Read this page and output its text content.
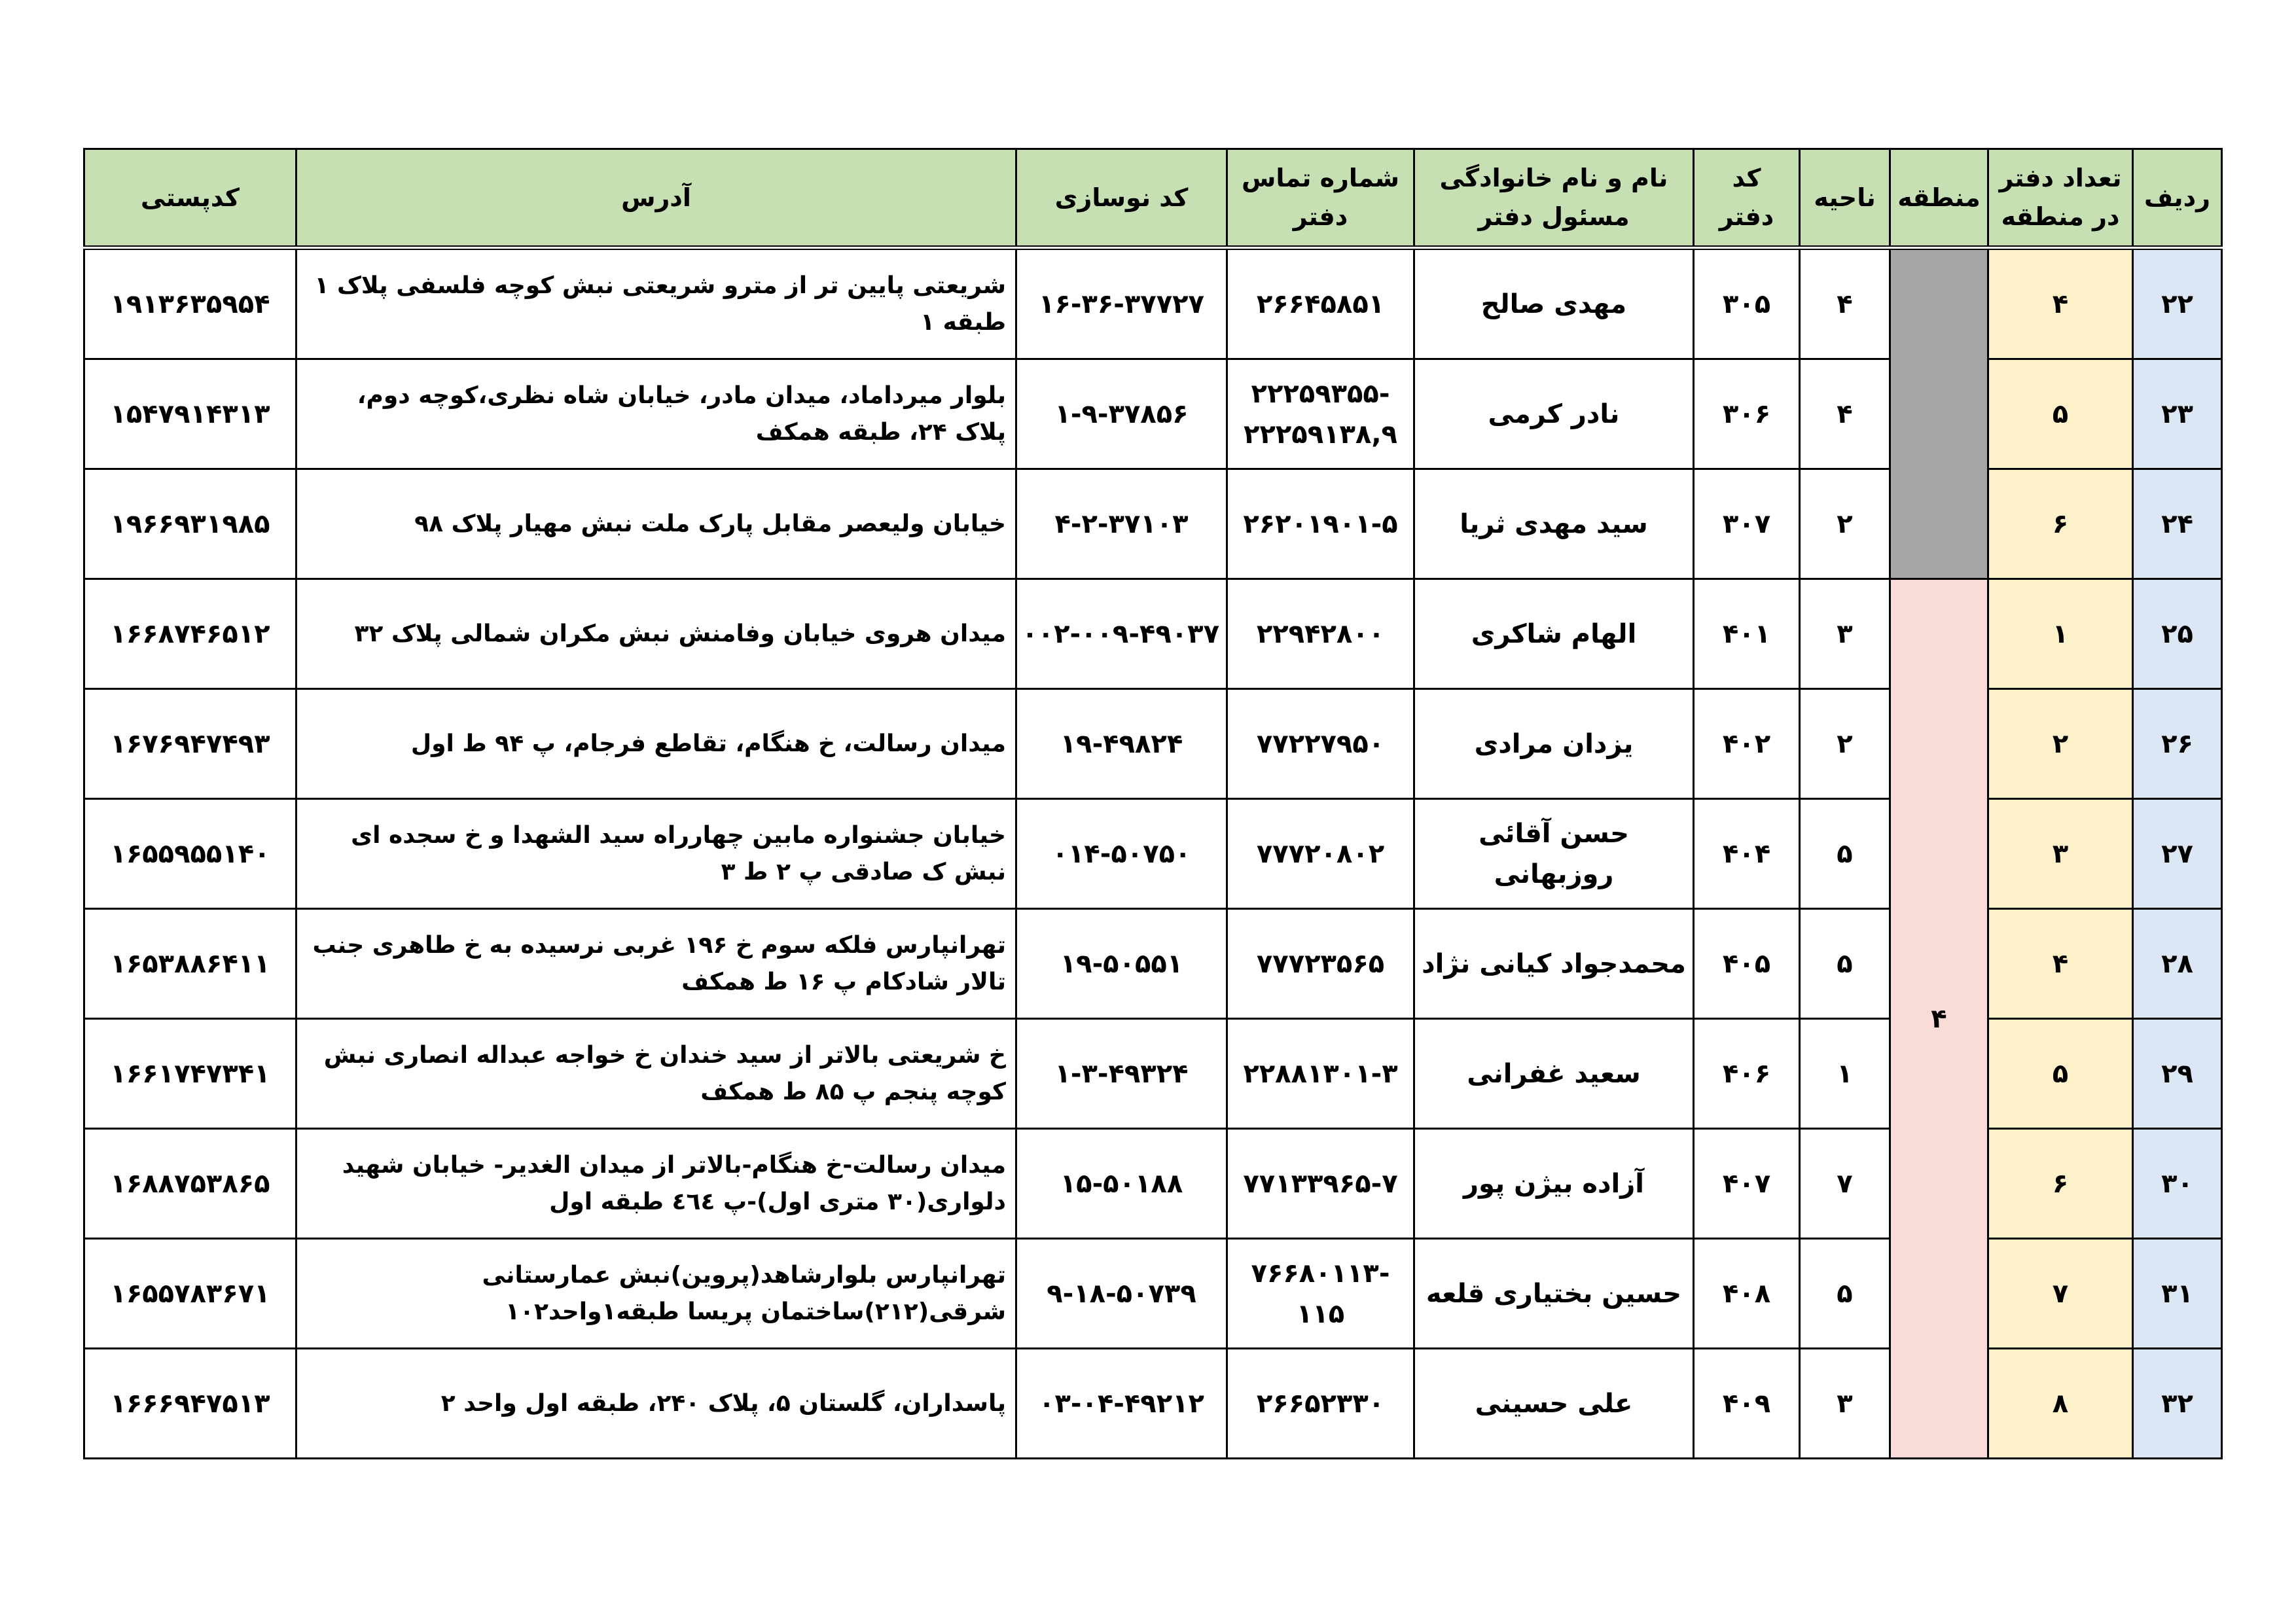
ردیف	تعداد دفتر در منطقه	منطقه	ناحیه	کد دفتر	نام و نام خانوادگی مسئول دفتر	شماره تماس دفتر	کد نوسازی	آدرس	کدپستی
۲۲	۴		۴	۳۰۵	مهدی صالح	۲۶۶۴۵۸۵۱	۱۶-۳۶-۳۷۷۲۷	شریعتی پایین تر از مترو شریعتی نبش کوچه فلسفی پلاک ۱ طبقه ۱	۱۹۱۳۶۳۵۹۵۴
۲۳	۵		۴	۳۰۶	نادر کرمی	-۲۲۲۵۹۳۵۵ ۲۲۲۵۹۱۳۸,۹	۱-۹-۳۷۸۵۶	بلوار میرداماد، میدان مادر، خیابان شاه نظری،کوچه دوم، پلاک ۲۴، طبقه همکف	۱۵۴۷۹۱۴۳۱۳
۲۴	۶		۲	۳۰۷	سید مهدی ثریا	۲۶۲۰۱۹۰۱-۵	۴-۲-۳۷۱۰۳	خیابان ولیعصر مقابل پارک ملت نبش مهیار پلاک ۹۸	۱۹۶۶۹۳۱۹۸۵
۲۵	۱	۴	۳	۴۰۱	الهام شاکری	۲۲۹۴۲۸۰۰	۰۰۲-۰۰۹-۴۹۰۳۷	میدان هروی خیابان وفامنش نبش مکران شمالی پلاک ۳۲	۱۶۶۸۷۴۶۵۱۲
۲۶	۲		۲	۴۰۲	یزدان مرادی	۷۷۲۲۷۹۵۰	۱۹-۴۹۸۲۴	میدان رسالت، خ هنگام، تقاطع فرجام، پ ۹۴ ط اول	۱۶۷۶۹۴۷۴۹۳
۲۷	۳		۵	۴۰۴	حسن آقائی روزبهانی	۷۷۷۲۰۸۰۲	۰۱۴-۵۰۷۵۰	خیابان جشنواره مابین چهارراه سید الشهدا و خ سجده ای نبش ک صادقی پ ۲ ط ۳	۱۶۵۵۹۵۵۱۴۰
۲۸	۴		۵	۴۰۵	محمدجواد کیانی نژاد	۷۷۷۲۳۵۶۵	۱۹-۵۰۵۵۱	تهرانپارس فلکه سوم خ ۱۹۶ غربی نرسیده به خ طاهری جنب تالار شادکام پ ۱۶ ط همکف	۱۶۵۳۸۸۶۴۱۱
۲۹	۵		۱	۴۰۶	سعید غفرانی	۲۲۸۸۱۳۰۱-۳	۱-۳-۴۹۳۲۴	خ شریعتی بالاتر از سید خندان خ خواجه عبداله انصاری نبش کوچه پنجم پ ۸۵ ط همکف	۱۶۶۱۷۴۷۳۴۱
۳۰	۶		۷	۴۰۷	آزاده بیژن پور	۷۷۱۳۳۹۶۵-۷	۱۵-۵۰۱۸۸	میدان رسالت-خ هنگام-بالاتر از میدان الغدیر- خیابان شهید دلواری(۳۰ متری اول)-پ ٤٦٤ طبقه اول	۱۶۸۸۷۵۳۸۶۵
۳۱	۷		۵	۴۰۸	حسین بختیاری قلعه	-۷۶۶۸۰۱۱۳ ۱۱۵	۹-۱۸-۵۰۷۳۹	تهرانپارس بلوارشاهد(پروین)نبش عمارستانی شرقی(۲۱۲)ساختمان پریسا طبقه۱واحد۱۰۲	۱۶۵۵۷۸۳۶۷۱
۳۲	۸		۳	۴۰۹	علی حسینی	۲۶۶۵۲۳۳۰	۰۳-۰۴-۴۹۲۱۲	پاسداران، گلستان ۵، پلاک ۲۴۰، طبقه اول واحد ۲	۱۶۶۶۹۴۷۵۱۳
